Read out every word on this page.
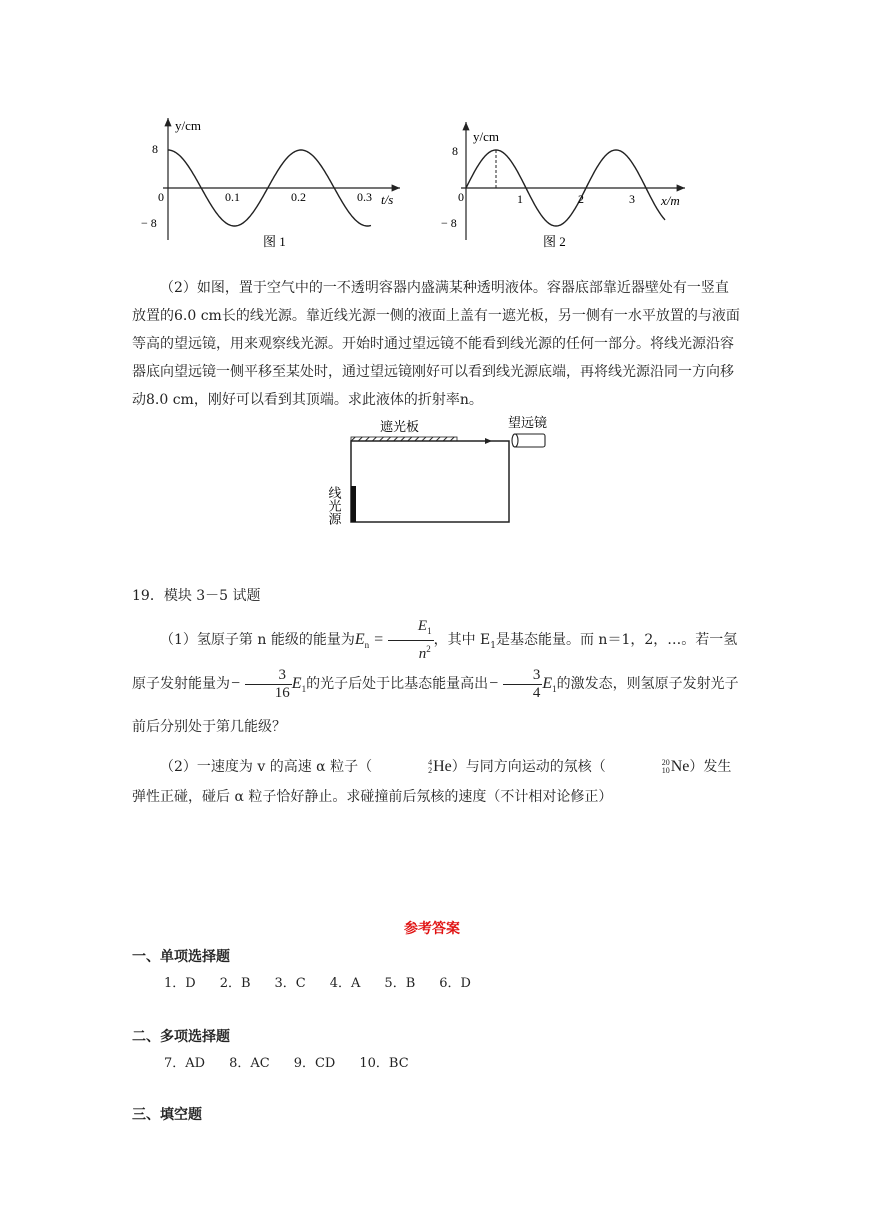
y/cm
8
0
− 8
0.1	0.2	0.3 t/s
图 1
y/cm
8
0
− 8
1	2	3 x/m
图 2
（2）如图，置于空气中的一不透明容器内盛满某种透明液体。容器底部靠近器壁处有一竖直放置的6.0 cm长的线光源。靠近线光源一侧的液面上盖有一遮光板，另一侧有一水平放置的与液面等高的望远镜，用来观察线光源。开始时通过望远镜不能看到线光源的任何一部分。将线光源沿容器底向望远镜一侧平移至某处时，通过望远镜刚好可以看到线光源底端，再将线光源沿同一方向移动8.0 cm，刚好可以看到其顶端。求此液体的折射率n。
遮光板	望远镜
线光源
19．模块 3－5 试题
（1）氢原子第 n 能级的能量为$E_n = \frac{E_1}{n^2}$ ，其中 $E_1$是基态能量。而 n＝1，2，…。若一氢原子发射能量为− $\frac{3}{16} E_1$的光子后处于比基态能量高出− $\frac{3}{4} E_1$的激发态，则氢原子发射光子前后分别处于第几能级？
（2）一速度为 v 的高速 α 粒子（	4
2 He）与同方向运动的氖核（	20
10 Ne）发生弹性正碰，碰后 α 粒子恰好静止。求碰撞前后氖核的速度（不计相对论修正）
参考答案
一、单项选择题
1．D 2．B 3．C 4．A 5．B 6．D
二、多项选择题
7．AD 8．AC 9．CD 10．BC
三、填空题
